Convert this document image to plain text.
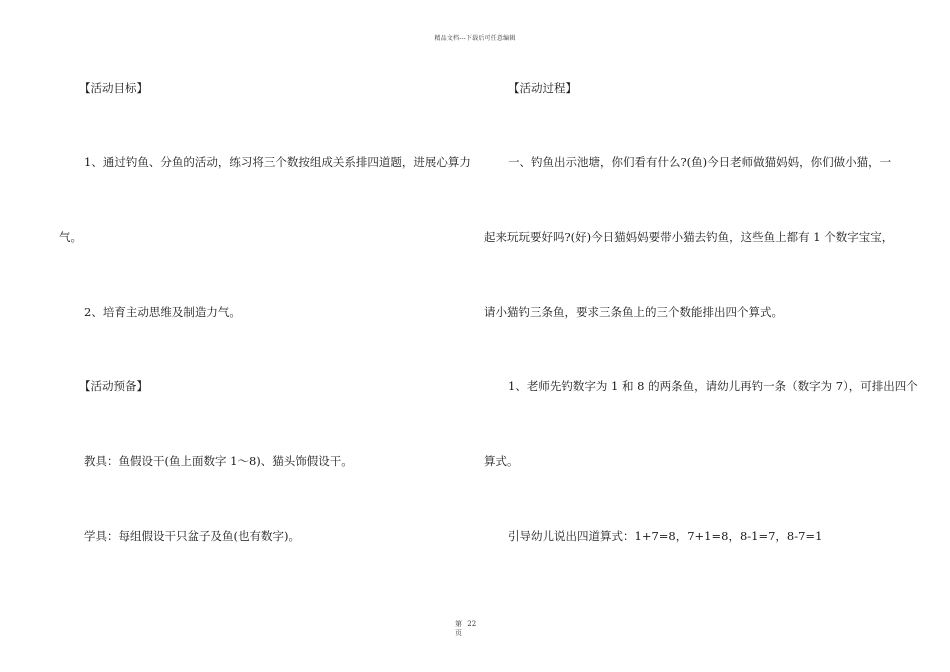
精品文档---下载后可任意编辑
【活动目标】
1、通过钓鱼、分鱼的活动，练习将三个数按组成关系排四道题，进展心算力
气。
2、培育主动思维及制造力气。
【活动预备】
教具：鱼假设干(鱼上面数字 1～8)、猫头饰假设干。
学具：每组假设干只盆子及鱼(也有数字)。
【活动过程】
一、钓鱼出示池塘，你们看有什么?(鱼)今日老师做猫妈妈，你们做小猫，一
起来玩玩要好吗?(好)今日猫妈妈要带小猫去钓鱼，这些鱼上都有 1 个数字宝宝，
请小猫钓三条鱼，要求三条鱼上的三个数能排出四个算式。
1、老师先钓数字为 1 和 8 的两条鱼，请幼儿再钓一条（数字为 7），可排出四个
算式。
引导幼儿说出四道算式：1+7=8，7+1=8，8-1=7，8-7=1
第 22
页
